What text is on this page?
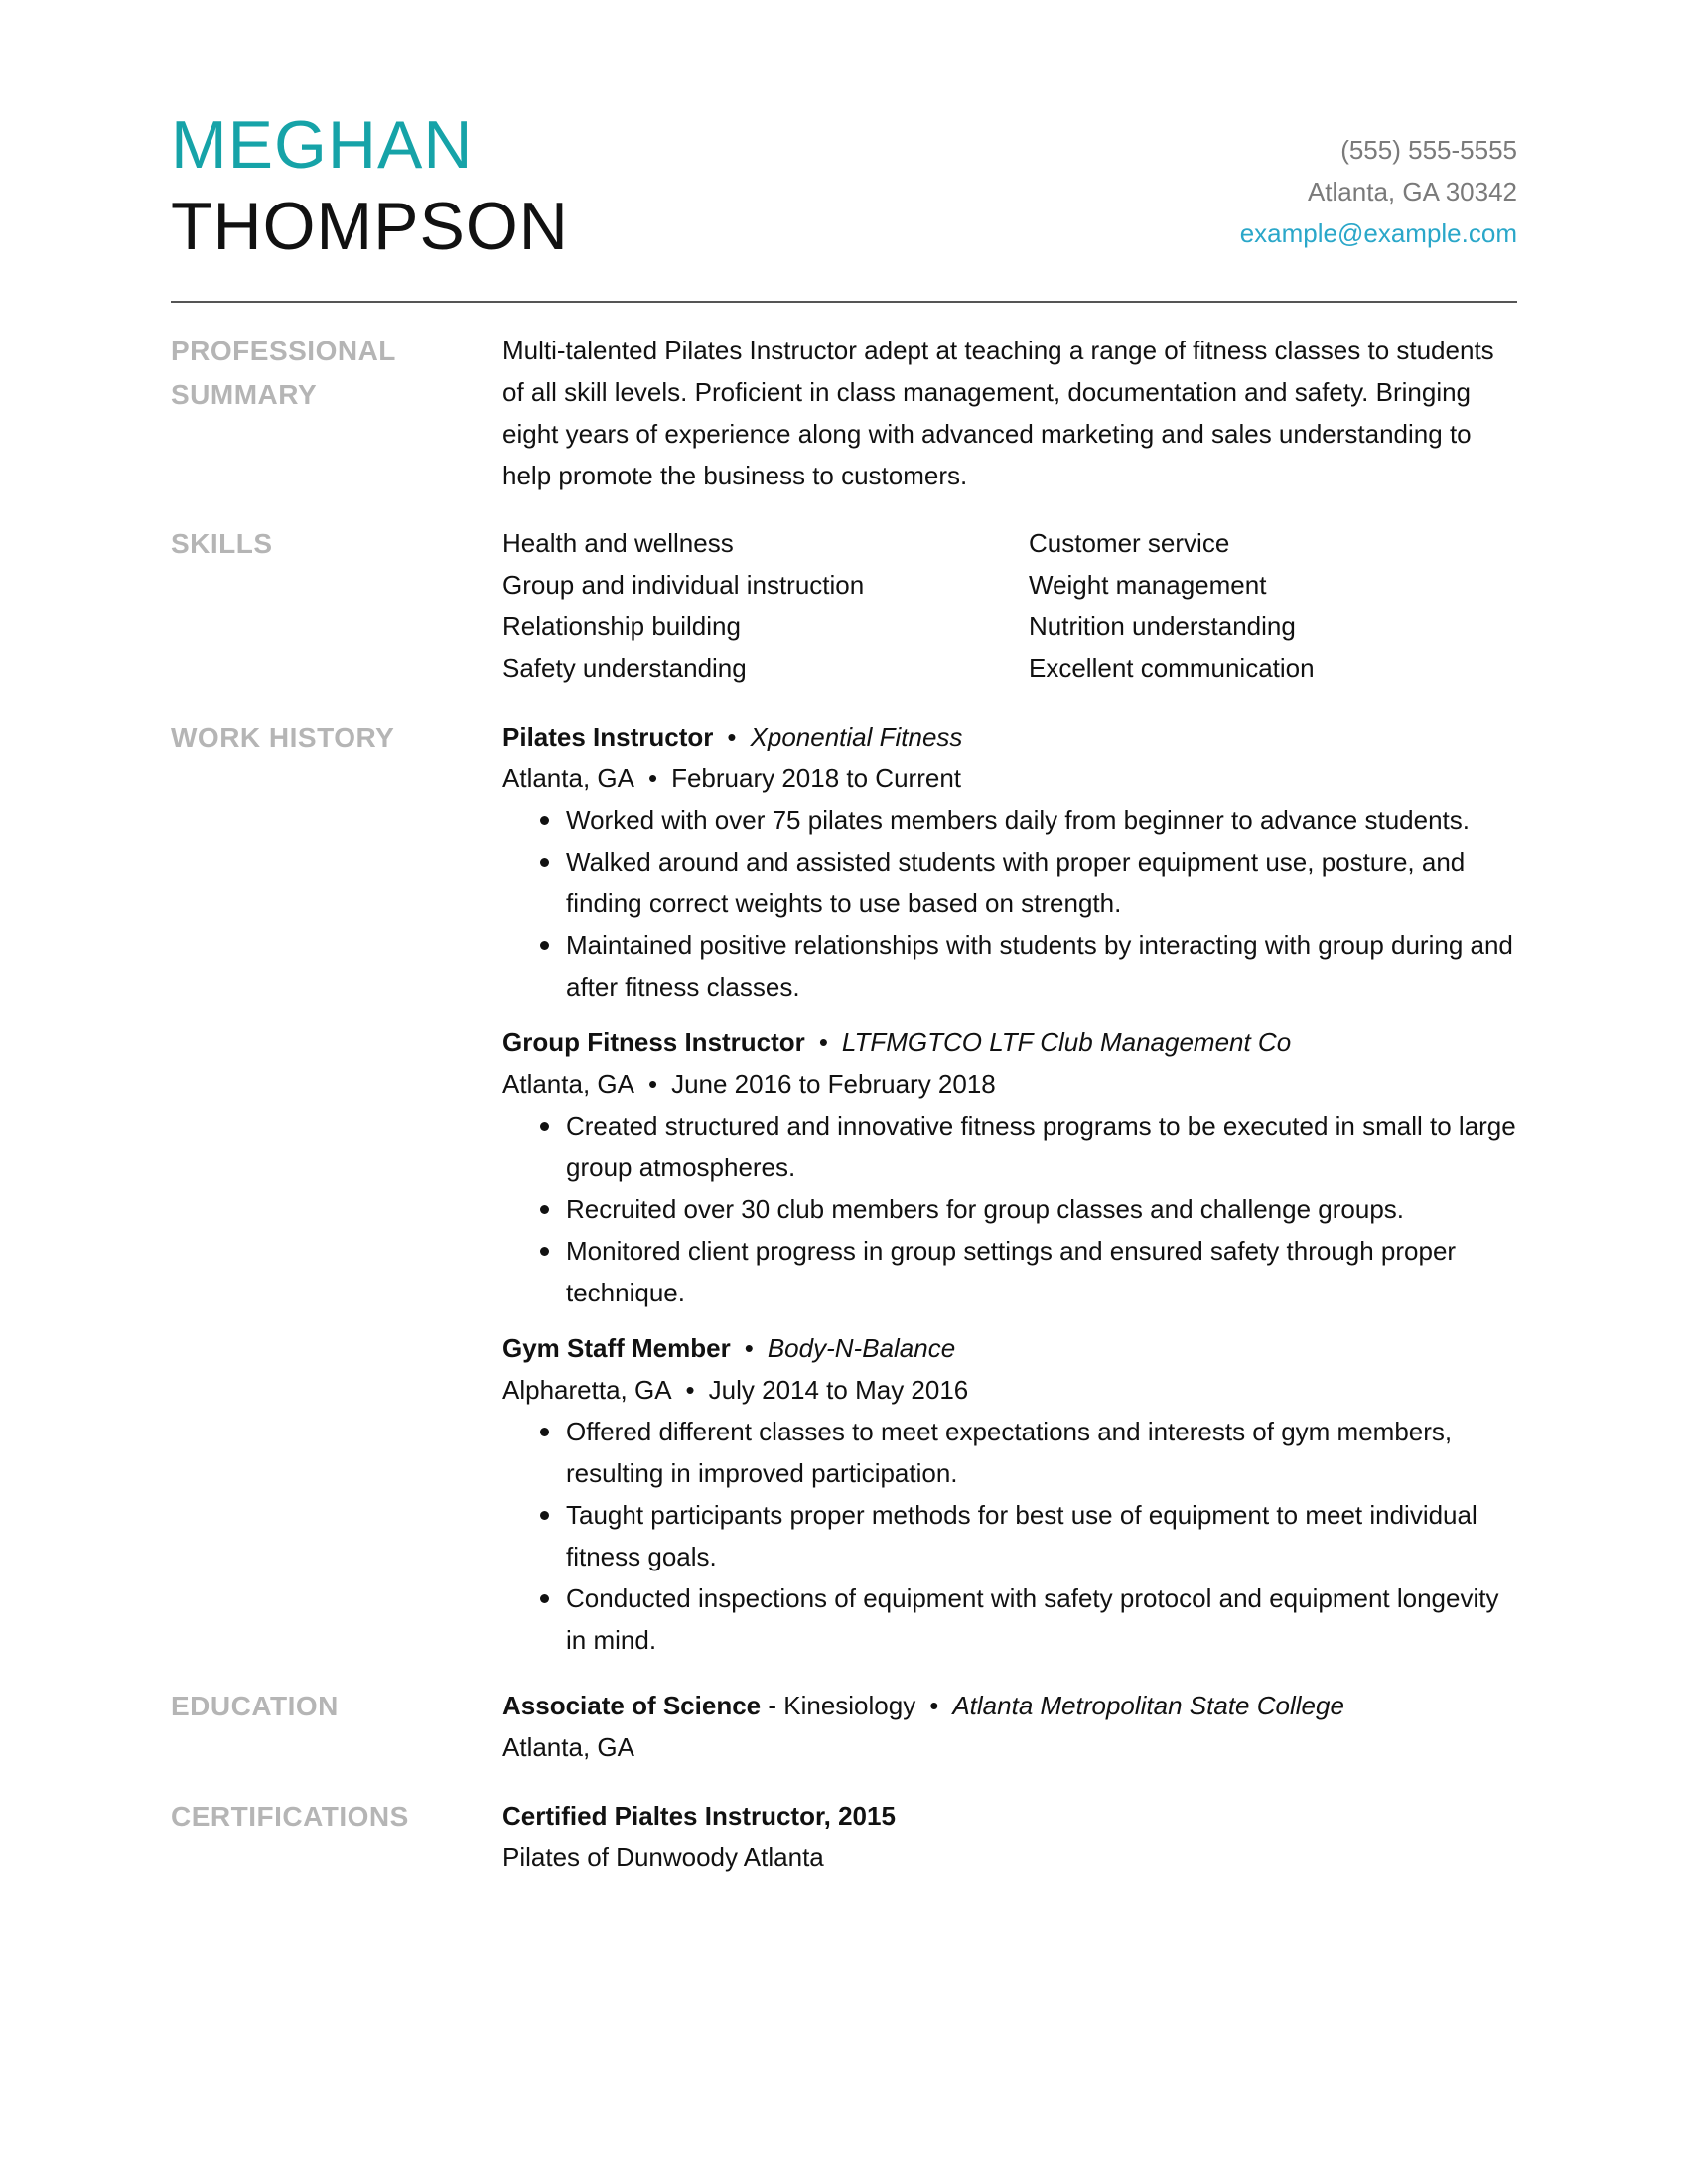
MEGHAN
THOMPSON
(555) 555-5555
Atlanta, GA 30342
example@example.com
PROFESSIONAL
SUMMARY
Multi-talented Pilates Instructor adept at teaching a range of fitness classes to students of all skill levels. Proficient in class management, documentation and safety. Bringing eight years of experience along with advanced marketing and sales understanding to help promote the business to customers.
SKILLS	Health and wellness	Customer service
Group and individual instruction	Weight management
Relationship building	Nutrition understanding
Safety understanding	Excellent communication
WORK HISTORY	Pilates Instructor • Xponential Fitness
Atlanta, GA • February 2018 to Current
Worked with over 75 pilates members daily from beginner to advance students.
Walked around and assisted students with proper equipment use, posture, and finding correct weights to use based on strength.
Maintained positive relationships with students by interacting with group during and after fitness classes.
Group Fitness Instructor • LTFMGTCO LTF Club Management Co
Atlanta, GA • June 2016 to February 2018
Created structured and innovative fitness programs to be executed in small to large group atmospheres.
Recruited over 30 club members for group classes and challenge groups.
Monitored client progress in group settings and ensured safety through proper technique.
Gym Staff Member • Body-N-Balance
Alpharetta, GA • July 2014 to May 2016
Offered different classes to meet expectations and interests of gym members, resulting in improved participation.
Taught participants proper methods for best use of equipment to meet individual fitness goals.
Conducted inspections of equipment with safety protocol and equipment longevity in mind.
EDUCATION	Associate of Science - Kinesiology • Atlanta Metropolitan State College
Atlanta, GA
CERTIFICATIONS	Certified Pialtes Instructor, 2015
Pilates of Dunwoody Atlanta
